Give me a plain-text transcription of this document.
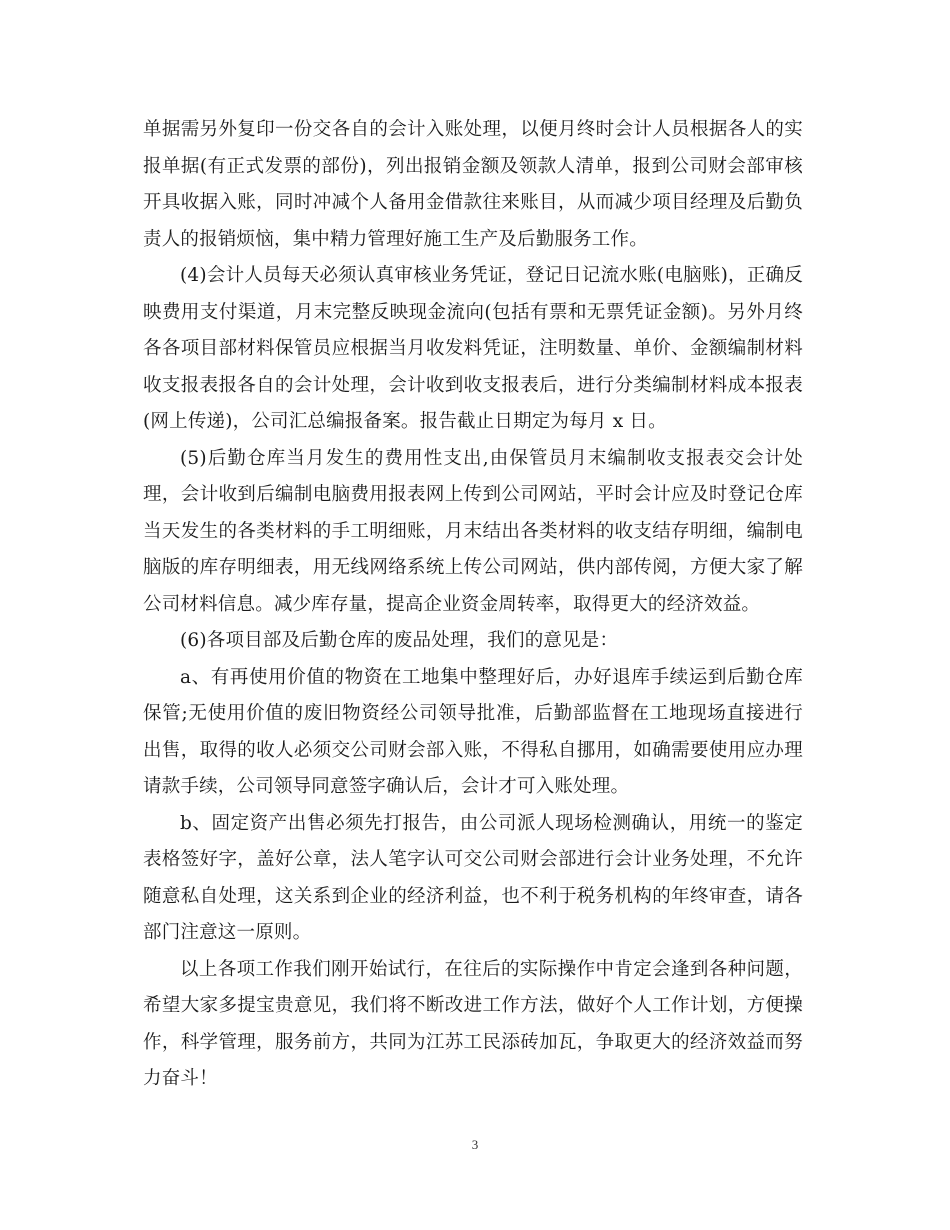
单据需另外复印一份交各自的会计入账处理，以便月终时会计人员根据各人的实报单据(有正式发票的部份)，列出报销金额及领款人清单，报到公司财会部审核开具收据入账，同时冲减个人备用金借款往来账目，从而减少项目经理及后勤负责人的报销烦恼，集中精力管理好施工生产及后勤服务工作。

(4)会计人员每天必须认真审核业务凭证，登记日记流水账(电脑账)，正确反映费用支付渠道，月末完整反映现金流向(包括有票和无票凭证金额)。另外月终各各项目部材料保管员应根据当月收发料凭证，注明数量、单价、金额编制材料收支报表报各自的会计处理，会计收到收支报表后，进行分类编制材料成本报表(网上传递)，公司汇总编报备案。报告截止日期定为每月 x 日。

(5)后勤仓库当月发生的费用性支出,由保管员月末编制收支报表交会计处理，会计收到后编制电脑费用报表网上传到公司网站，平时会计应及时登记仓库当天发生的各类材料的手工明细账，月末结出各类材料的收支结存明细，编制电脑版的库存明细表，用无线网络系统上传公司网站，供内部传阅，方便大家了解公司材料信息。减少库存量，提高企业资金周转率，取得更大的经济效益。

(6)各项目部及后勤仓库的废品处理，我们的意见是：

a、有再使用价值的物资在工地集中整理好后，办好退库手续运到后勤仓库保管;无使用价值的废旧物资经公司领导批准，后勤部监督在工地现场直接进行出售，取得的收人必须交公司财会部入账，不得私自挪用，如确需要使用应办理请款手续，公司领导同意签字确认后，会计才可入账处理。

b、固定资产出售必须先打报告，由公司派人现场检测确认，用统一的鉴定表格签好字，盖好公章，法人笔字认可交公司财会部进行会计业务处理，不允许随意私自处理，这关系到企业的经济利益，也不利于税务机构的年终审查，请各部门注意这一原则。

以上各项工作我们刚开始试行，在往后的实际操作中肯定会逢到各种问题，希望大家多提宝贵意见，我们将不断改进工作方法，做好个人工作计划，方便操作，科学管理，服务前方，共同为江苏工民添砖加瓦，争取更大的经济效益而努力奋斗！

3
